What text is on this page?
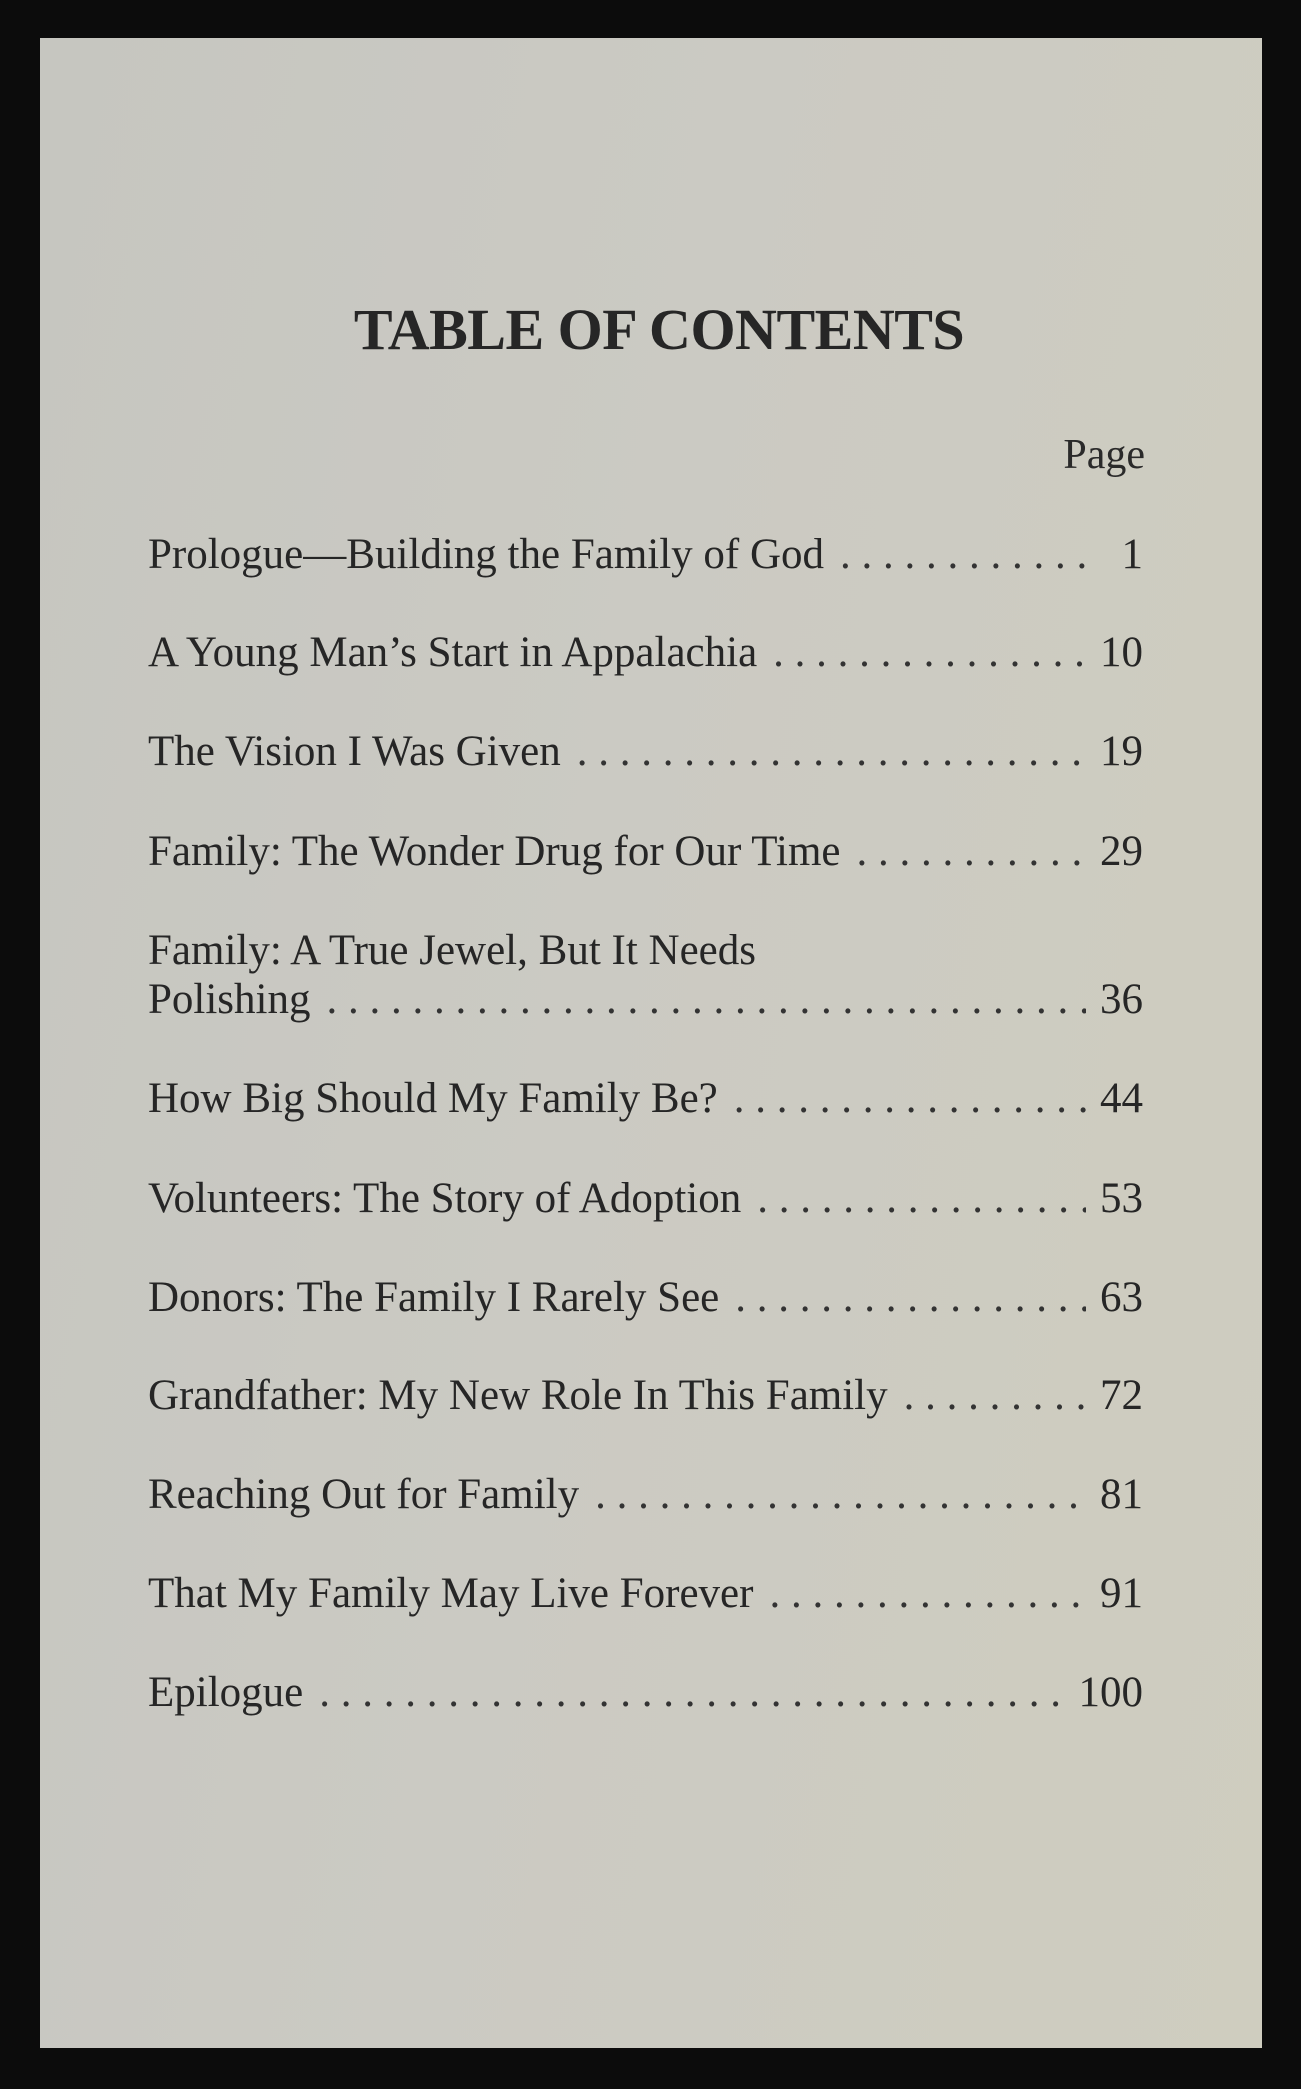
TABLE OF CONTENTS
Page
Prologue—Building the Family of God . . .	1
A Young Man’s Start in Appalachia . . .	10
The Vision I Was Given . . .	19
Family: The Wonder Drug for Our Time . . .	29
Family: A True Jewel, But It Needs
Polishing . . .	36
How Big Should My Family Be? . . .	44
Volunteers: The Story of Adoption . . .	53
Donors: The Family I Rarely See . . .	63
Grandfather: My New Role In This Family . . .	72
Reaching Out for Family . . .	81
That My Family May Live Forever . . .	91
Epilogue . . .	100
